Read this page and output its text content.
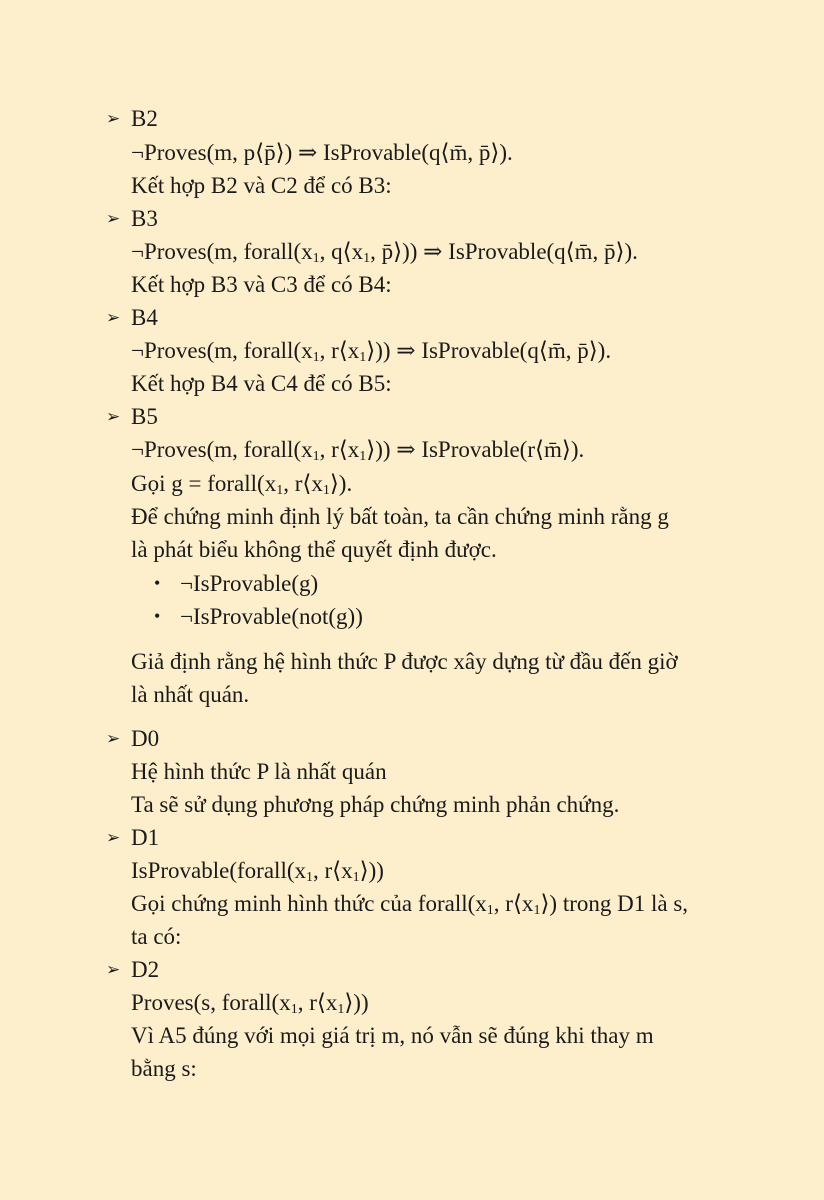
➢ B2
¬Proves(m, p⟨p̄⟩) ⇒ IsProvable(q⟨m̄, p̄⟩).
Kết hợp B2 và C2 để có B3:
➢ B3
¬Proves(m, $forall(x_1$, $q⟨x_1$, p̄⟩)) ⇒ IsProvable(q⟨m̄, p̄⟩).
Kết hợp B3 và C3 để có B4:
➢ B4
¬Proves(m, $forall(x_1$, $r⟨x_1⟩$)) ⇒ IsProvable(q⟨m̄, p̄⟩).
Kết hợp B4 và C4 để có B5:
➢ B5
¬Proves(m, $forall(x_1$, $r⟨x_1⟩$)) ⇒ IsProvable(r⟨m̄⟩).
Gọi $g = forall(x_1$, $r⟨x_1⟩$).
Để chứng minh định lý bất toàn, ta cần chứng minh rằng g
là phát biểu không thể quyết định được.
• ¬IsProvable(g)
• ¬IsProvable(not(g))
Giả định rằng hệ hình thức P được xây dựng từ đầu đến giờ
là nhất quán.
➢ D0
Hệ hình thức P là nhất quán
Ta sẽ sử dụng phương pháp chứng minh phản chứng.
➢ D1
$IsProvable(forall(x_1$, $r⟨x_1⟩$))
Gọi chứng minh hình thức của $forall(x_1$, $r⟨x_1⟩$) trong D1 là s,
ta có:
➢ D2
Proves(s, $forall(x_1$, $r⟨x_1⟩$))
Vì A5 đúng với mọi giá trị m, nó vẫn sẽ đúng khi thay m
bằng s:
